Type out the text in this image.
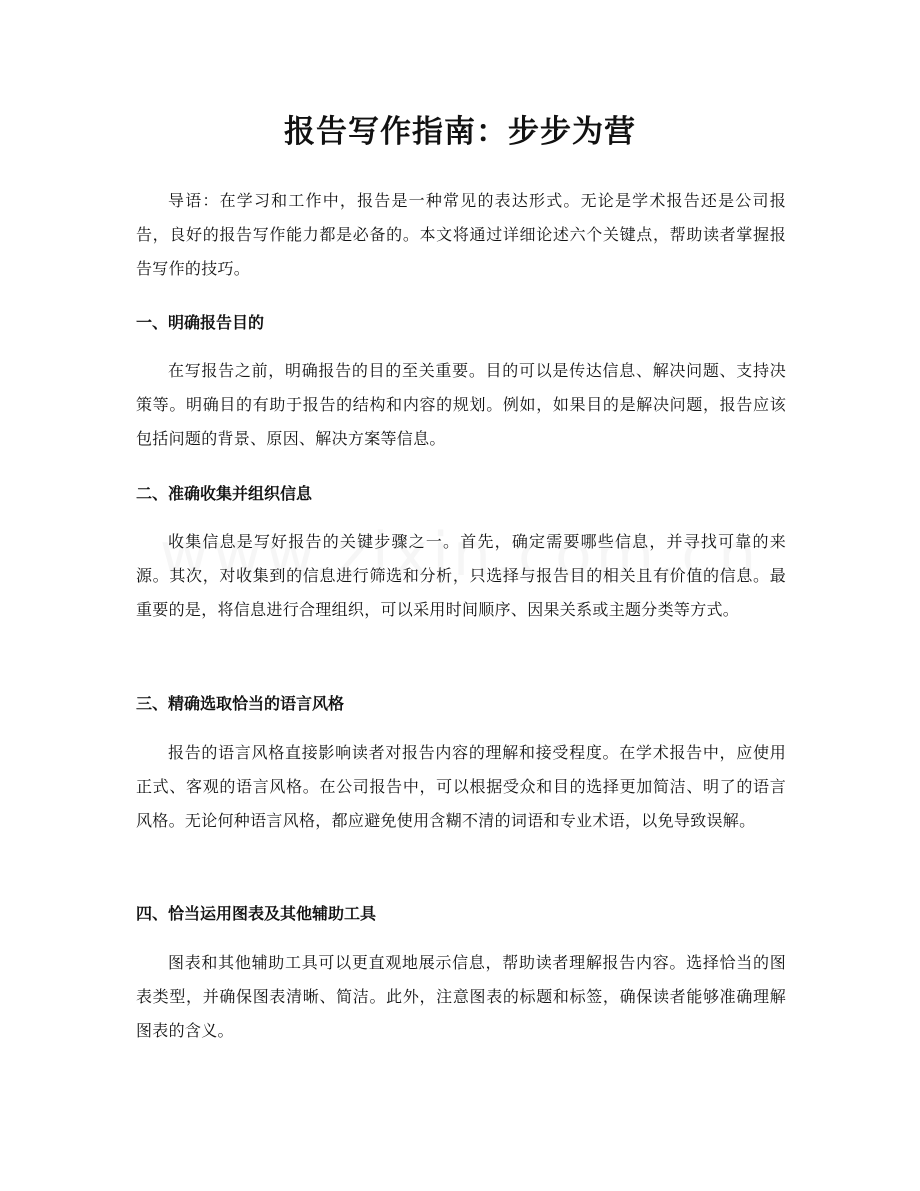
报告写作指南：步步为营

导语：在学习和工作中，报告是一种常见的表达形式。无论是学术报告还是公司报告，良好的报告写作能力都是必备的。本文将通过详细论述六个关键点，帮助读者掌握报告写作的技巧。

一、明确报告目的

在写报告之前，明确报告的目的至关重要。目的可以是传达信息、解决问题、支持决策等。明确目的有助于报告的结构和内容的规划。例如，如果目的是解决问题，报告应该包括问题的背景、原因、解决方案等信息。

二、准确收集并组织信息

收集信息是写好报告的关键步骤之一。首先，确定需要哪些信息，并寻找可靠的来源。其次，对收集到的信息进行筛选和分析，只选择与报告目的相关且有价值的信息。最重要的是，将信息进行合理组织，可以采用时间顺序、因果关系或主题分类等方式。

三、精确选取恰当的语言风格

报告的语言风格直接影响读者对报告内容的理解和接受程度。在学术报告中，应使用正式、客观的语言风格。在公司报告中，可以根据受众和目的选择更加简洁、明了的语言风格。无论何种语言风格，都应避免使用含糊不清的词语和专业术语，以免导致误解。

四、恰当运用图表及其他辅助工具

图表和其他辅助工具可以更直观地展示信息，帮助读者理解报告内容。选择恰当的图表类型，并确保图表清晰、简洁。此外，注意图表的标题和标签，确保读者能够准确理解图表的含义。
